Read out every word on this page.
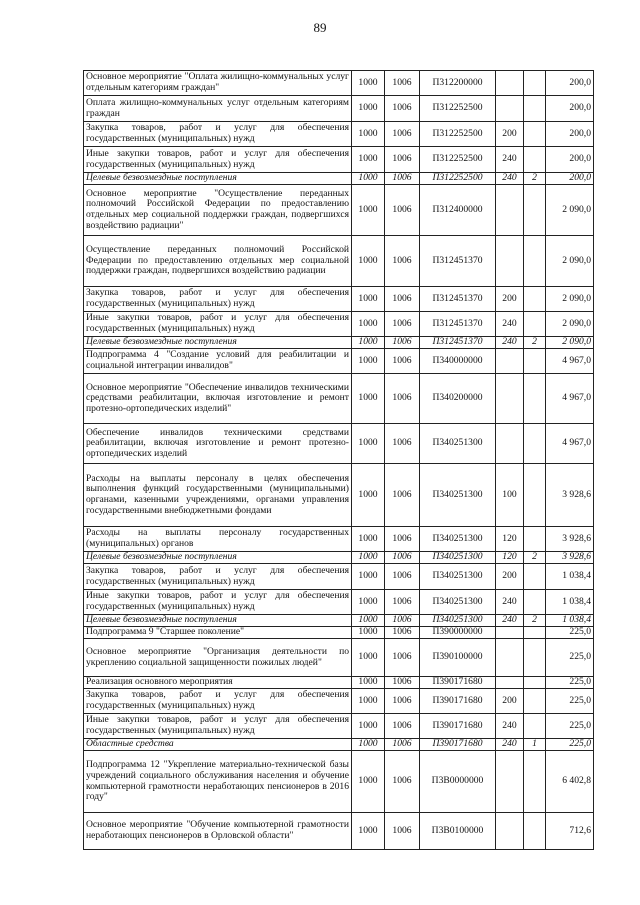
89
Основное мероприятие "Оплата жилищно-коммунальных услуг отдельным категориям граждан"	1000	1006	П312200000			200,0
Оплата жилищно-коммунальных услуг отдельным категориям граждан	1000	1006	П312252500			200,0
Закупка товаров, работ и услуг для обеспечения государственных (муниципальных) нужд	1000	1006	П312252500	200		200,0
Иные закупки товаров, работ и услуг для обеспечения государственных (муниципальных) нужд	1000	1006	П312252500	240		200,0
Целевые безвозмездные поступления	1000	1006	П312252500	240	2	200,0
Основное мероприятие "Осуществление переданных полномочий Российской Федерации по предоставлению отдельных мер социальной поддержки граждан, подвергшихся воздействию радиации"	1000	1006	П312400000			2 090,0
Осуществление переданных полномочий Российской Федерации по предоставлению отдельных мер социальной поддержки граждан, подвергшихся воздействию радиации	1000	1006	П312451370			2 090,0
Закупка товаров, работ и услуг для обеспечения государственных (муниципальных) нужд	1000	1006	П312451370	200		2 090,0
Иные закупки товаров, работ и услуг для обеспечения государственных (муниципальных) нужд	1000	1006	П312451370	240		2 090,0
Целевые безвозмездные поступления	1000	1006	П312451370	240	2	2 090,0
Подпрограмма 4 "Создание условий для реабилитации и социальной интеграции инвалидов"	1000	1006	П340000000			4 967,0
Основное мероприятие "Обеспечение инвалидов техническими средствами реабилитации, включая изготовление и ремонт протезно-ортопедических изделий"	1000	1006	П340200000			4 967,0
Обеспечение инвалидов техническими средствами реабилитации, включая изготовление и ремонт протезно-ортопедических изделий	1000	1006	П340251300			4 967,0
Расходы на выплаты персоналу в целях обеспечения выполнения функций государственными (муниципальными) органами, казенными учреждениями, органами управления государственными внебюджетными фондами	1000	1006	П340251300	100		3 928,6
Расходы на выплаты персоналу государственных (муниципальных) органов	1000	1006	П340251300	120		3 928,6
Целевые безвозмездные поступления	1000	1006	П340251300	120	2	3 928,6
Закупка товаров, работ и услуг для обеспечения государственных (муниципальных) нужд	1000	1006	П340251300	200		1 038,4
Иные закупки товаров, работ и услуг для обеспечения государственных (муниципальных) нужд	1000	1006	П340251300	240		1 038,4
Целевые безвозмездные поступления	1000	1006	П340251300	240	2	1 038,4
Подпрограмма 9 "Старшее поколение"	1000	1006	П390000000			225,0
Основное мероприятие "Организация деятельности по укреплению социальной защищенности пожилых людей"	1000	1006	П390100000			225,0
Реализация основного мероприятия	1000	1006	П390171680			225,0
Закупка товаров, работ и услуг для обеспечения государственных (муниципальных) нужд	1000	1006	П390171680	200		225,0
Иные закупки товаров, работ и услуг для обеспечения государственных (муниципальных) нужд	1000	1006	П390171680	240		225,0
Областные средства	1000	1006	П390171680	240	1	225,0
Подпрограмма 12 "Укрепление материально-технической базы учреждений социального обслуживания населения и обучение компьютерной грамотности неработающих пенсионеров в 2016 году"	1000	1006	П3В0000000			6 402,8
Основное мероприятие "Обучение компьютерной грамотности неработающих пенсионеров в Орловской области"	1000	1006	П3В0100000			712,6
